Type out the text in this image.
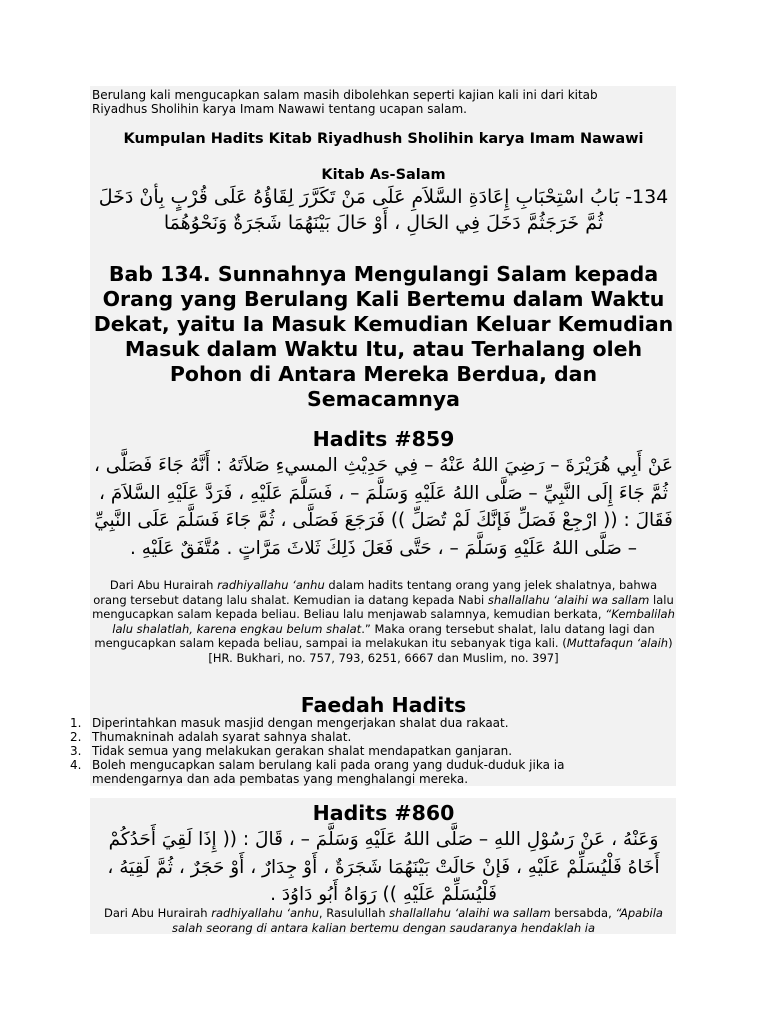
Berulang kali mengucapkan salam masih dibolehkan seperti kajian kali ini dari kitab Riyadhus Sholihin karya Imam Nawawi tentang ucapan salam.

Kumpulan Hadits Kitab Riyadhush Sholihin karya Imam Nawawi

Kitab As-Salam

134- بَابُ اسْتِحْبَابِ إِعَادَةِ السَّلاَمِ عَلَى مَنْ تَكَرَّرَ لِقَاؤُهُ عَلَى قُرْبٍ بِأنْ دَخَلَ ثُمَّ خَرَجَثُمَّ دَخَلَ فِي الحَالِ ، أَوْ حَالَ بَيْنَهُمَا شَجَرَةٌ وَنَحْوُهُمَا

Bab 134. Sunnahnya Mengulangi Salam kepada Orang yang Berulang Kali Bertemu dalam Waktu Dekat, yaitu Ia Masuk Kemudian Keluar Kemudian Masuk dalam Waktu Itu, atau Terhalang oleh Pohon di Antara Mereka Berdua, dan Semacamnya

Hadits #859

عَنْ أَبِي هُرَيْرَةَ – رَضِيَ اللهُ عَنْهُ – فِي حَدِيْثِ المسيءِ صَلاَتَهُ : أَنَّهُ جَاءَ فَصَلَّى ، ثُمَّ جَاءَ إِلَى النَّبِيِّ – صَلَّى اللهُ عَلَيْهِ وَسَلَّمَ – ، فَسَلَّمَ عَلَيْهِ ، فَرَدَّ عَلَيْهِ السَّلاَمَ ، فَقَالَ : (( ارْجِعْ فَصَلِّ فَإنَّكَ لَمْ تُصَلِّ )) فَرَجَعَ فَصَلَّى ، ثُمَّ جَاءَ فَسَلَّمَ عَلَى النَّبِيِّ – صَلَّى اللهُ عَلَيْهِ وَسَلَّمَ – ، حَتَّى فَعَلَ ذَلِكَ ثَلاثَ مَرَّاتٍ . مُتَّفَقٌ عَلَيْهِ .

Dari Abu Hurairah radhiyallahu ‘anhu dalam hadits tentang orang yang jelek shalatnya, bahwa orang tersebut datang lalu shalat. Kemudian ia datang kepada Nabi shallallahu ‘alaihi wa sallam lalu mengucapkan salam kepada beliau. Beliau lalu menjawab salamnya, kemudian berkata, “Kembalilah lalu shalatlah, karena engkau belum shalat.” Maka orang tersebut shalat, lalu datang lagi dan mengucapkan salam kepada beliau, sampai ia melakukan itu sebanyak tiga kali. (Muttafaqun ‘alaih) [HR. Bukhari, no. 757, 793, 6251, 6667 dan Muslim, no. 397]

Faedah Hadits

1. Diperintahkan masuk masjid dengan mengerjakan shalat dua rakaat.
2. Thumakninah adalah syarat sahnya shalat.
3. Tidak semua yang melakukan gerakan shalat mendapatkan ganjaran.
4. Boleh mengucapkan salam berulang kali pada orang yang duduk-duduk jika ia mendengarnya dan ada pembatas yang menghalangi mereka.

Hadits #860

وَعَنْهُ ، عَنْ رَسُوْلِ اللهِ – صَلَّى اللهُ عَلَيْهِ وَسَلَّمَ – ، قَالَ : (( إِذَا لَقِيَ أَحَدُكُمْ أَخَاهُ فَلْيُسَلِّمْ عَلَيْهِ ، فَإنْ حَالَتْ بَيْنَهُمَا شَجَرَةٌ ، أَوْ جِدَارٌ ، أَوْ حَجَرٌ ، ثُمَّ لَقِيَهُ ، فَلْيُسَلِّمْ عَلَيْهِ )) رَوَاهُ أَبُو دَاوُدَ .

Dari Abu Hurairah radhiyallahu ‘anhu, Rasulullah shallallahu ‘alaihi wa sallam bersabda, “Apabila salah seorang di antara kalian bertemu dengan saudaranya hendaklah ia
